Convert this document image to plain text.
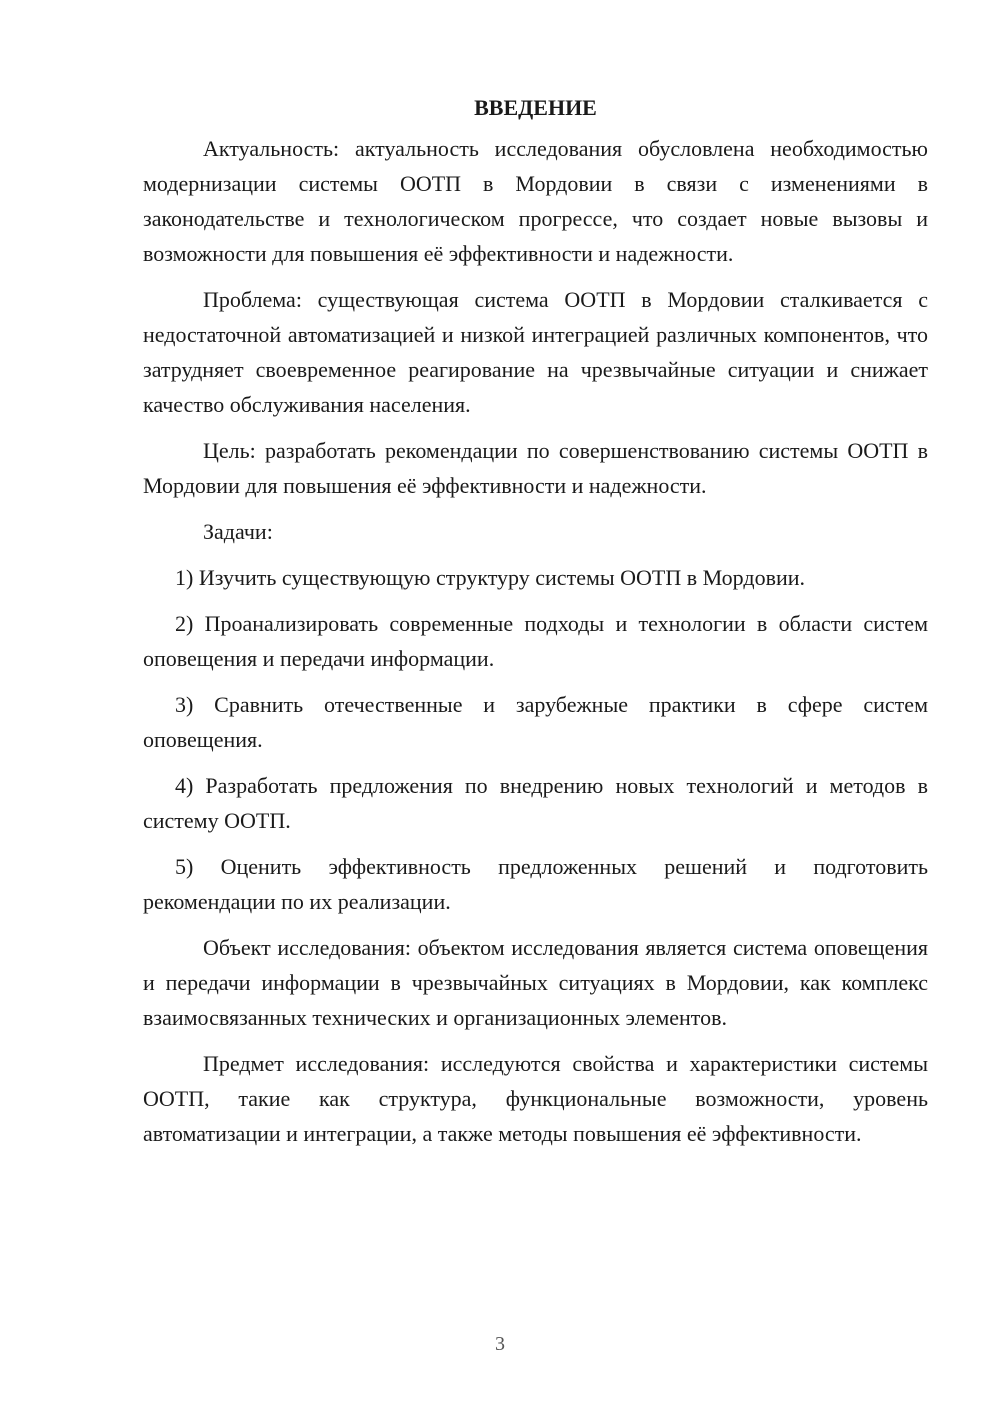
ВВЕДЕНИЕ

Актуальность: актуальность исследования обусловлена необходимостью модернизации системы ООТП в Мордовии в связи с изменениями в законодательстве и технологическом прогрессе, что создает новые вызовы и возможности для повышения её эффективности и надежности.

Проблема: существующая система ООТП в Мордовии сталкивается с недостаточной автоматизацией и низкой интеграцией различных компонентов, что затрудняет своевременное реагирование на чрезвычайные ситуации и снижает качество обслуживания населения.

Цель: разработать рекомендации по совершенствованию системы ООТП в Мордовии для повышения её эффективности и надежности.

Задачи:

1) Изучить существующую структуру системы ООТП в Мордовии.

2) Проанализировать современные подходы и технологии в области систем оповещения и передачи информации.

3) Сравнить отечественные и зарубежные практики в сфере систем оповещения.

4) Разработать предложения по внедрению новых технологий и методов в систему ООТП.

5) Оценить эффективность предложенных решений и подготовить рекомендации по их реализации.

Объект исследования: объектом исследования является система оповещения и передачи информации в чрезвычайных ситуациях в Мордовии, как комплекс взаимосвязанных технических и организационных элементов.

Предмет исследования: исследуются свойства и характеристики системы ООТП, такие как структура, функциональные возможности, уровень автоматизации и интеграции, а также методы повышения её эффективности.

3
